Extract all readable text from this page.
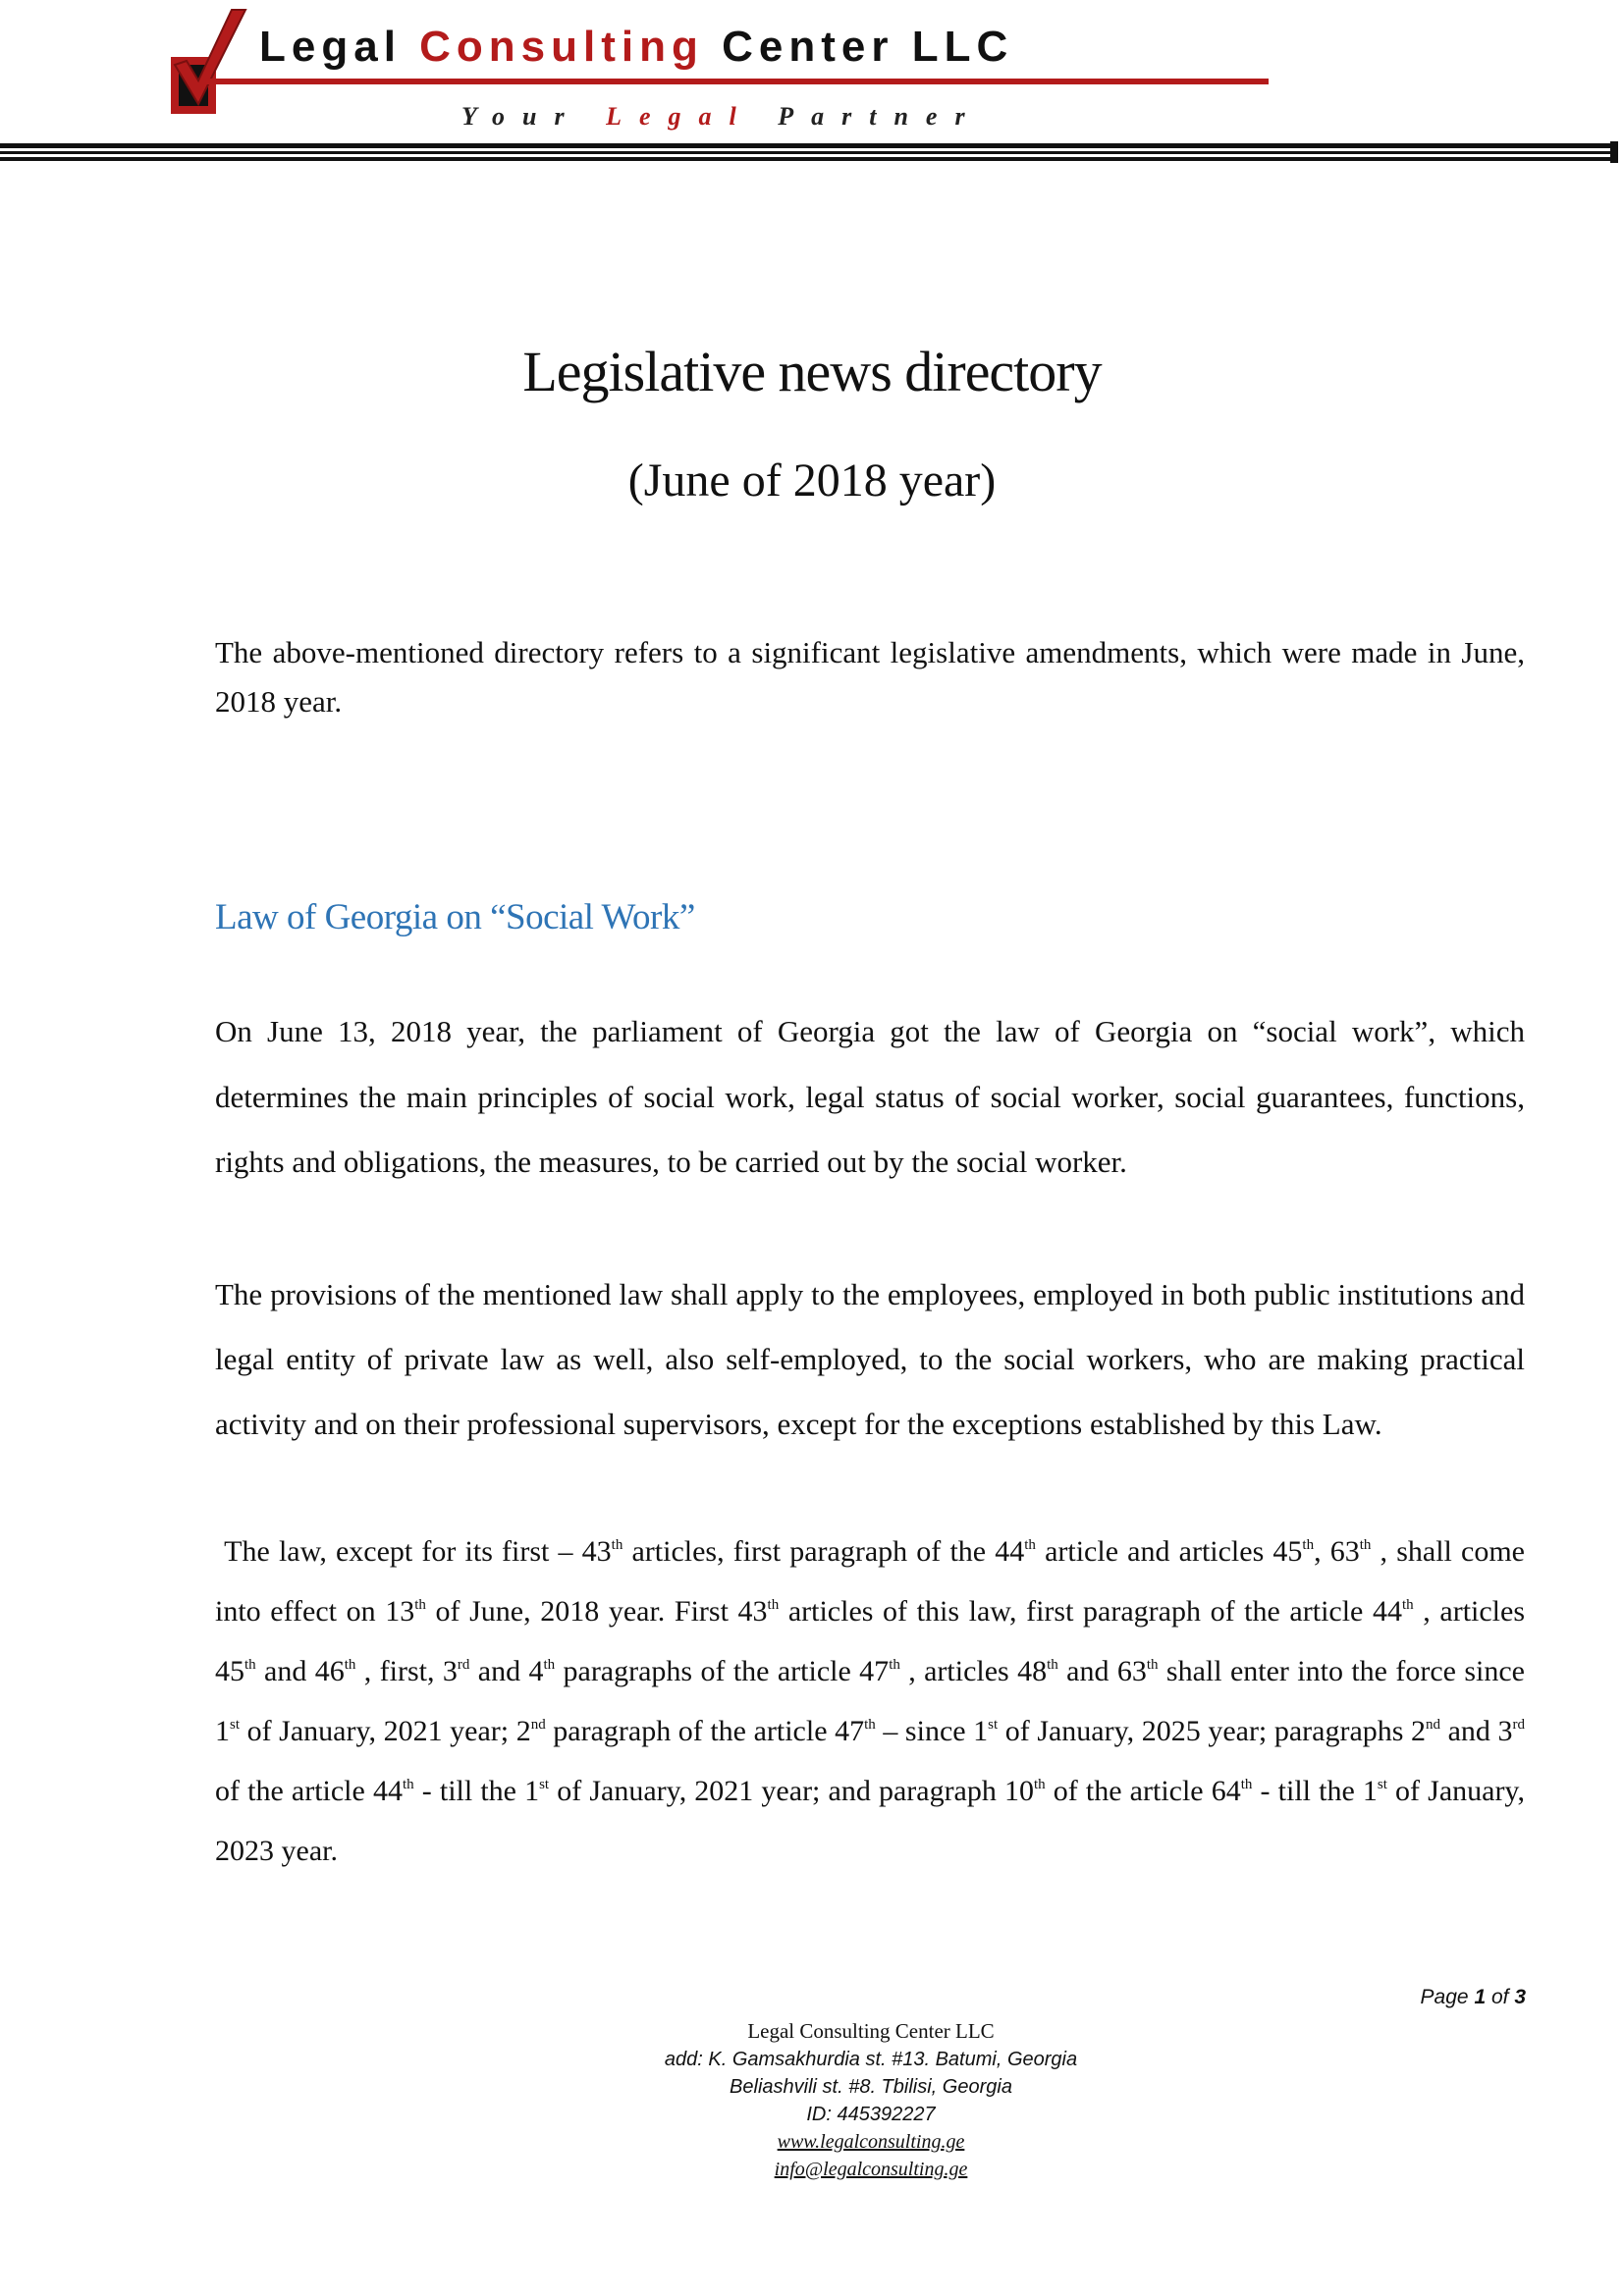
Legal Consulting Center LLC
Your Legal Partner
Legislative news directory
(June of 2018 year)
The above-mentioned directory refers to a significant legislative amendments, which were made in June, 2018 year.
Law of Georgia on “Social Work”
On June 13, 2018 year, the parliament of Georgia got the law of Georgia on “social work”, which determines the main principles of social work, legal status of social worker, social guarantees, functions, rights and obligations, the measures, to be carried out by the social worker.
The provisions of the mentioned law shall apply to the employees, employed in both public institutions and legal entity of private law as well, also self-employed, to the social workers, who are making practical activity and on their professional supervisors, except for the exceptions established by this Law.
The law, except for its first – 43th articles, first paragraph of the 44th article and articles 45th, 63th , shall come into effect on 13th of June, 2018 year. First 43th articles of this law, first paragraph of the article 44th , articles 45th and 46th , first, 3rd and 4th paragraphs of the article 47th , articles 48th and 63th shall enter into the force since 1st of January, 2021 year; 2nd paragraph of the article 47th – since 1st of January, 2025 year; paragraphs 2nd and 3rd of the article 44th - till the 1st of January, 2021 year; and paragraph 10th of the article 64th - till the 1st of January, 2023 year.
Page 1 of 3
Legal Consulting Center LLC
add: K. Gamsakhurdia st. #13. Batumi, Georgia
Beliashvili st. #8. Tbilisi, Georgia
ID: 445392227
www.legalconsulting.ge
info@legalconsulting.ge
